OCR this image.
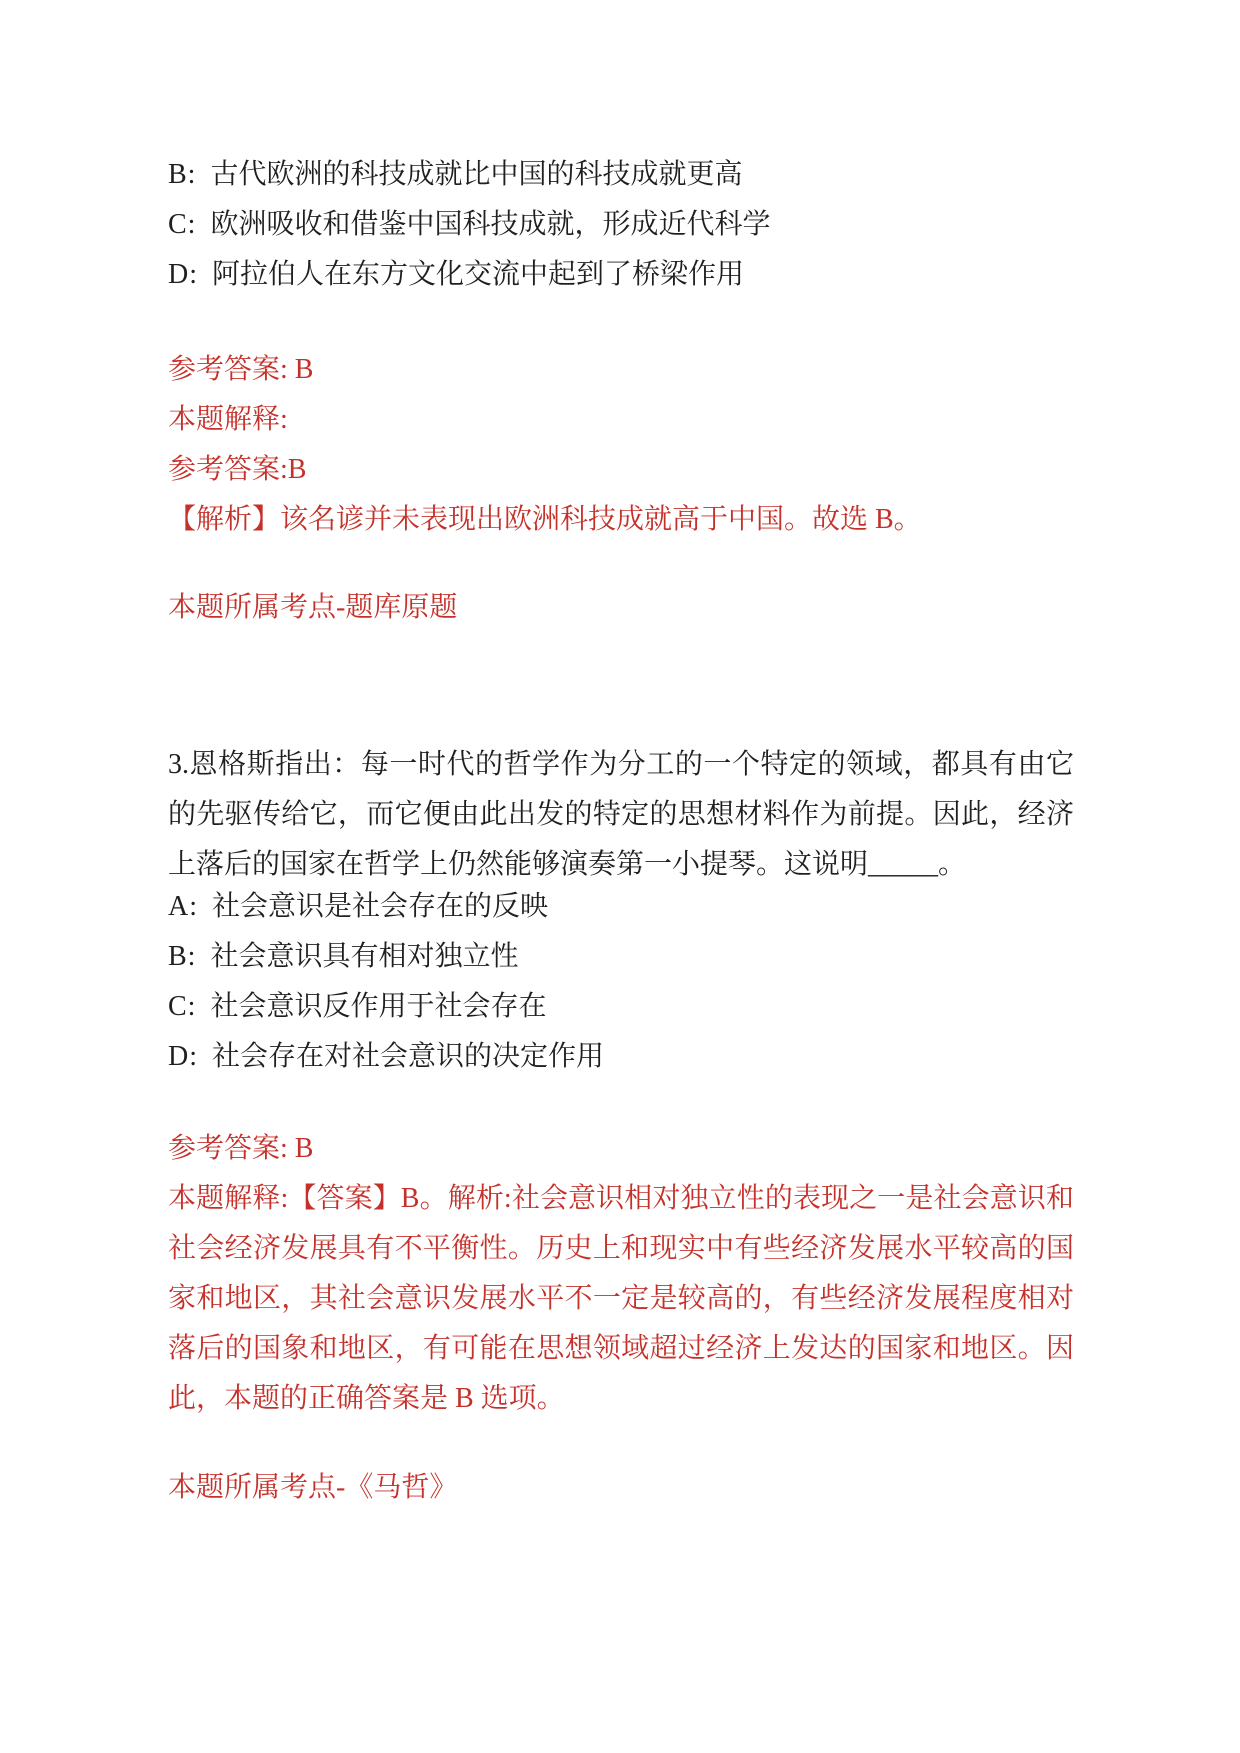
B: 古代欧洲的科技成就比中国的科技成就更高

C: 欧洲吸收和借鉴中国科技成就，形成近代科学

D: 阿拉伯人在东方文化交流中起到了桥梁作用

参考答案: B

本题解释:

参考答案:B

【解析】该名谚并未表现出欧洲科技成就高于中国。故选 B。

本题所属考点-题库原题

3.恩格斯指出：每一时代的哲学作为分工的一个特定的领域，都具有由它的先驱传给它，而它便由此出发的特定的思想材料作为前提。因此，经济上落后的国家在哲学上仍然能够演奏第一小提琴。这说明_____。

A: 社会意识是社会存在的反映

B: 社会意识具有相对独立性

C: 社会意识反作用于社会存在

D: 社会存在对社会意识的决定作用

参考答案: B

本题解释:【答案】B。解析:社会意识相对独立性的表现之一是社会意识和社会经济发展具有不平衡性。历史上和现实中有些经济发展水平较高的国家和地区，其社会意识发展水平不一定是较高的，有些经济发展程度相对落后的国象和地区，有可能在思想领域超过经济上发达的国家和地区。因此，本题的正确答案是 B 选项。

本题所属考点-《马哲》
